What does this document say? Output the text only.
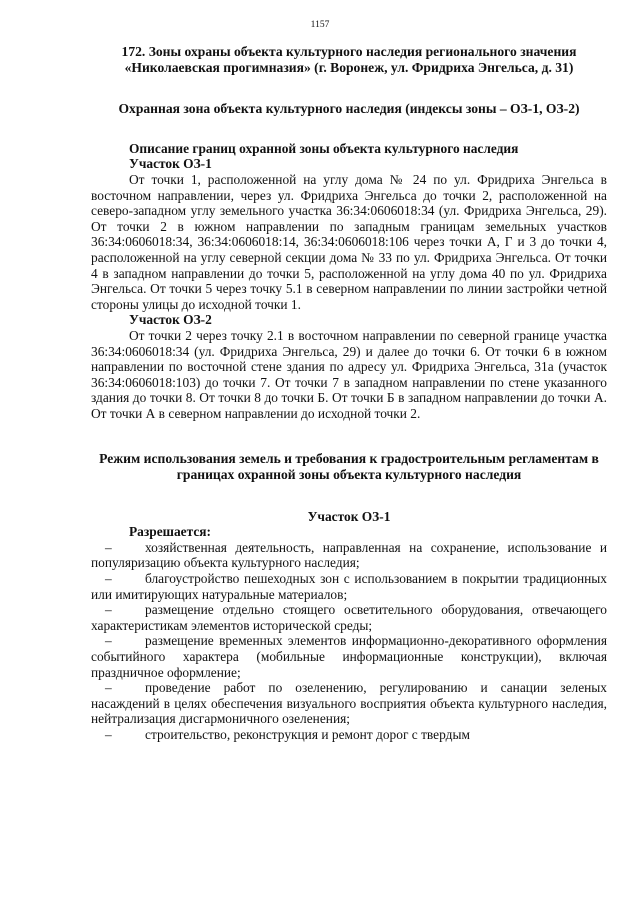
1157

172. Зоны охраны объекта культурного наследия регионального значения «Николаевская прогимназия» (г. Воронеж, ул. Фридриха Энгельса, д. 31)

Охранная зона объекта культурного наследия (индексы зоны – ОЗ-1, ОЗ-2)

Описание границ охранной зоны объекта культурного наследия

Участок ОЗ-1

От точки 1, расположенной на углу дома № 24 по ул. Фридриха Энгельса в восточном направлении, через ул. Фридриха Энгельса до точки 2, расположенной на северо-западном углу земельного участка 36:34:0606018:34 (ул. Фридриха Энгельса, 29). От точки 2 в южном направлении по западным границам земельных участков 36:34:0606018:34, 36:34:0606018:14, 36:34:0606018:106 через точки А, Г и 3 до точки 4, расположенной на углу северной секции дома № 33 по ул. Фридриха Энгельса. От точки 4 в западном направлении до точки 5, расположенной на углу дома 40 по ул. Фридриха Энгельса. От точки 5 через точку 5.1 в северном направлении по линии застройки четной стороны улицы до исходной точки 1.

Участок ОЗ-2

От точки 2 через точку 2.1 в восточном направлении по северной границе участка 36:34:0606018:34 (ул. Фридриха Энгельса, 29) и далее до точки 6. От точки 6 в южном направлении по восточной стене здания по адресу ул. Фридриха Энгельса, 31а (участок 36:34:0606018:103) до точки 7. От точки 7 в западном направлении по стене указанного здания до точки 8. От точки 8 до точки Б. От точки Б в западном направлении до точки А. От точки А в северном направлении до исходной точки 2.

Режим использования земель и требования к градостроительным регламентам в границах охранной зоны объекта культурного наследия

Участок ОЗ-1

Разрешается:

– хозяйственная деятельность, направленная на сохранение, использование и популяризацию объекта культурного наследия;

– благоустройство пешеходных зон с использованием в покрытии традиционных или имитирующих натуральные материалов;

– размещение отдельно стоящего осветительного оборудования, отвечающего характеристикам элементов исторической среды;

– размещение временных элементов информационно-декоративного оформления событийного характера (мобильные информационные конструкции), включая праздничное оформление;

– проведение работ по озеленению, регулированию и санации зеленых насаждений в целях обеспечения визуального восприятия объекта культурного наследия, нейтрализация дисгармоничного озеленения;

– строительство, реконструкция и ремонт дорог с твердым
